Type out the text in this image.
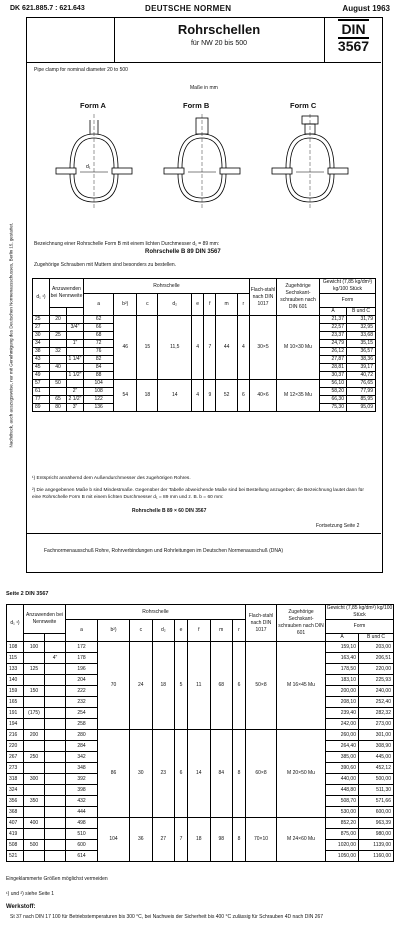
DK 621.885.7 : 621.643	DEUTSCHE NORMEN	August 1963
Nachdruck, auch auszugsweise, nur mit Genehmigung des Deutschen Normenausschusses, Berlin 15, gestattet.
Rohrschellen
für NW 20 bis 500
DIN
3567
Pipe clamp for nominal diameter 20 to 500
Maße in mm
Form A	Form B	Form C
d₁
Bezeichnung einer Rohrschelle Form B mit einem lichten Durchmesser d₁ = 89 mm:
Rohrschelle B 89 DIN 3567
Zugehörige Schrauben mit Muttern sind besonders zu bestellen.
d₁ ¹)	Anzuwenden bei Nennweite		Rohrschelle								Flach-stahl nach DIN 1017	Zugehörige Sechskant-schrauben nach DIN 601	Gewicht (7,85 kg/dm³) kg/100 Stück	
			a	b²)	c	d₂	e	f	m	r			Form	
													A	B und C
25	20		62	46	15	11,5	4	7	44	4	30×5	M 10×30 Mu	21,37	31,79
27		3/4"	66										22,57	32,95
30	25		68										23,37	33,68
34		1"	72										24,79	35,15
38	32		76										26,12	36,57
43		1 1/4"	82										27,87	38,36
45	40		84										28,81	39,17
49		1 1/2"	88										30,37	40,72
57	50		104	54	18	14	4	9	52	6	40×6	M 12×35 Mu	56,10	76,65
61		2"	108										58,20	77,99
77	65	2 1/2"	122										66,30	85,95
89	80	3"	136										75,30	95,09
¹) Entspricht annähernd dem Außendurchmesser des zugehörigen Rohres.
²) Die angegebenen Maße b sind Mindestmaße. Gegenüber der Tabelle abweichende Maße sind bei Bestellung anzugeben; die Bezeichnung lautet dann für eine Rohrschelle Form B mit einem lichten Durchmesser d₁ = 89 mm und z. B. b = 60 mm:
Rohrschelle B 89 × 60 DIN 3567
Fortsetzung Seite 2
Fachnormenausschuß Rohre, Rohrverbindungen und Rohrleitungen im Deutschen Normenausschuß (DNA)
Seite 2 DIN 3567
d₁ ¹)	Anzuwenden bei Nennweite		Rohrschelle								Flach-stahl nach DIN 1017	Zugehörige Sechskant-schrauben nach DIN 601	Gewicht (7,85 kg/dm³) kg/100 Stück	
			a	b²)	c	d₂	e	f	m	r			Form	
													A	B und C
108	100		172	70	24	18	5	11	68	6	50×8	M 16×45 Mu	159,10	203,00
115		4"	178										163,40	206,51
133	125		196										178,50	220,00
140			204										183,10	225,93
159	150		222										200,00	240,00
165			232										208,10	252,40
191	(175)		254										239,40	282,32
194			258										242,00	273,00
216	200		280	86	30	23	6	14	84	8	60×8	M 20×50 Mu	260,00	301,00
220			284										264,40	308,90
267	250		342										385,00	445,00
273			348										390,60	452,12
318	300		392										440,00	500,00
324			398										448,80	511,30
356	350		432										508,70	571,66
368			444										530,00	600,00
407	400		498	104	36	27	7	18	98	8	70×10	M 24×60 Mu	852,20	963,39
419			510										875,00	980,00
508	500		600										1020,00	1139,00
521			614										1050,00	1160,00
Eingeklammerte Größen möglichst vermeiden
¹) und ²) siehe Seite 1
Werkstoff:
St 37 nach DIN 17 100 für Betriebstemperaturen bis 300 °C, bei Nachweis der Sicherheit bis 400 °C zulässig für Schrauben 4D nach DIN 267
